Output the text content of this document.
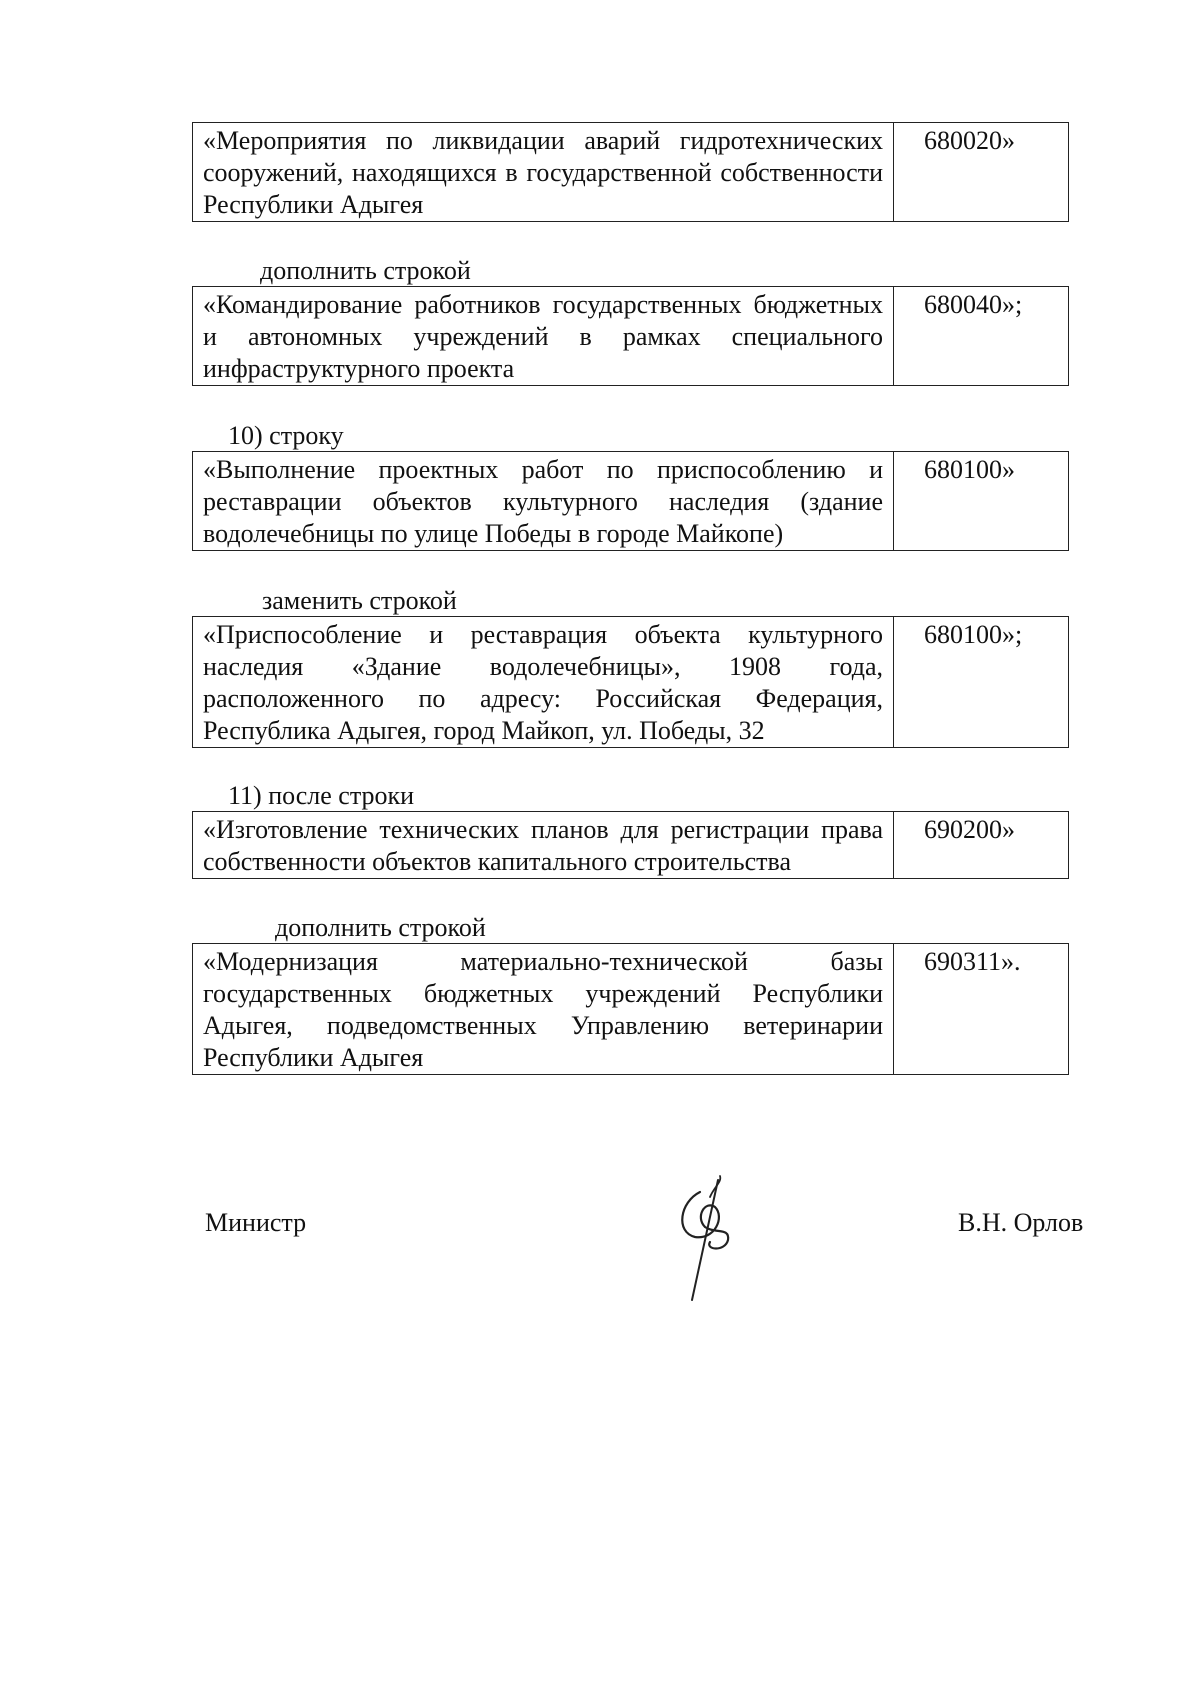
«Мероприятия по ликвидации аварий гидротехнических сооружений, находящихся в государственной собственности Республики Адыгея	680020»
дополнить строкой
«Командирование работников государственных бюджетных и автономных учреждений в рамках специального инфраструктурного проекта	680040»;
10) строку
«Выполнение проектных работ по приспособлению и реставрации объектов культурного наследия (здание водолечебницы по улице Победы в городе Майкопе)	680100»
заменить строкой
«Приспособление и реставрация объекта культурного наследия «Здание водолечебницы», 1908 года, расположенного по адресу: Российская Федерация, Республика Адыгея, город Майкоп, ул. Победы, 32	680100»;
11) после строки
«Изготовление технических планов для регистрации права собственности объектов капитального строительства	690200»
дополнить строкой
«Модернизация материально-технической базы государственных бюджетных учреждений Республики Адыгея, подведомственных Управлению ветеринарии Республики Адыгея	690311».
Министр	В.Н. Орлов
